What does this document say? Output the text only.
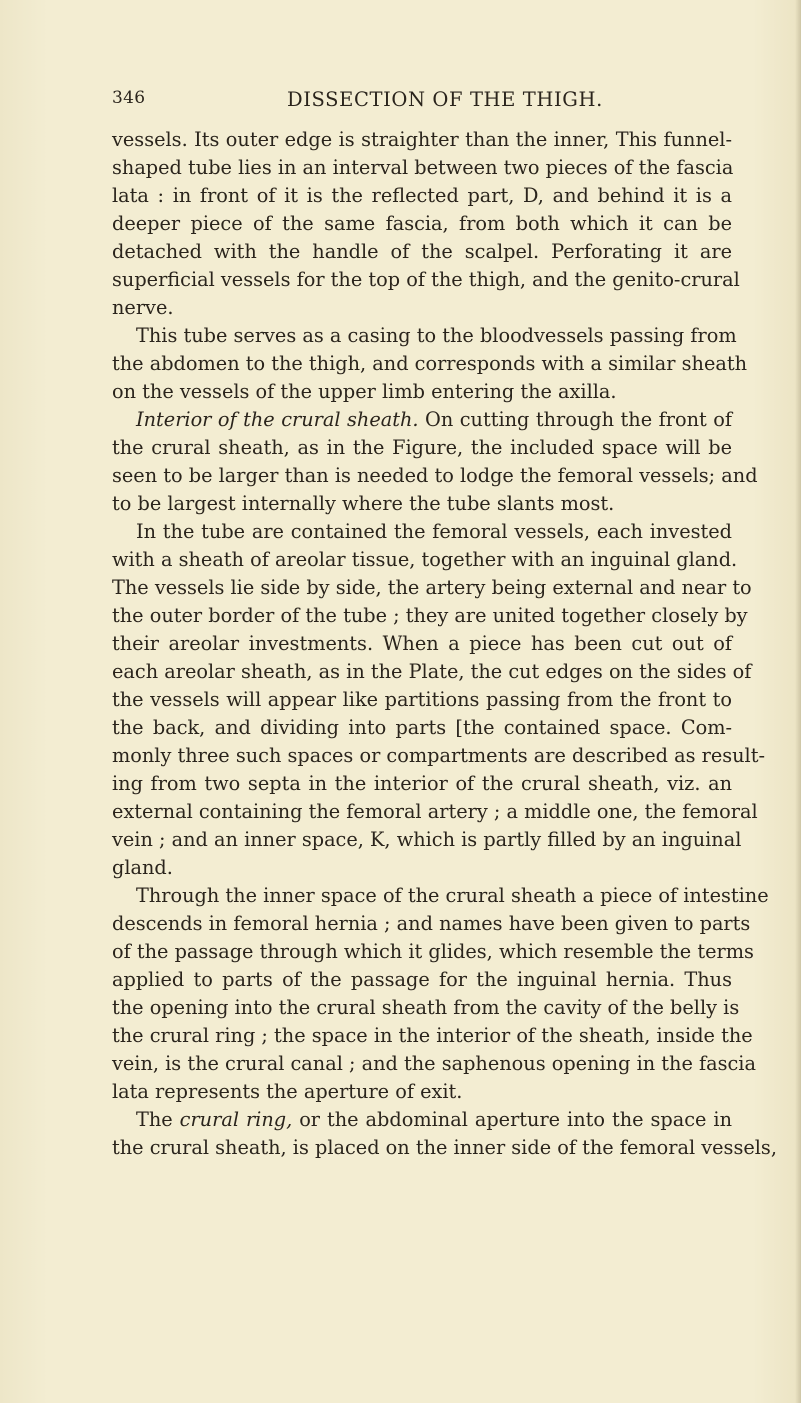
346	DISSECTION OF THE THIGH.
vessels. Its outer edge is straighter than the inner, This funnel-
shaped tube lies in an interval between two pieces of the fascia
lata : in front of it is the reflected part, D, and behind it is a
deeper piece of the same fascia, from both which it can be
detached with the handle of the scalpel. Perforating it are
superficial vessels for the top of the thigh, and the genito-crural
nerve.
This tube serves as a casing to the bloodvessels passing from
the abdomen to the thigh, and corresponds with a similar sheath
on the vessels of the upper limb entering the axilla.
Interior of the crural sheath. On cutting through the front of
the crural sheath, as in the Figure, the included space will be
seen to be larger than is needed to lodge the femoral vessels; and
to be largest internally where the tube slants most.
In the tube are contained the femoral vessels, each invested
with a sheath of areolar tissue, together with an inguinal gland.
The vessels lie side by side, the artery being external and near to
the outer border of the tube ; they are united together closely by
their areolar investments. When a piece has been cut out of
each areolar sheath, as in the Plate, the cut edges on the sides of
the vessels will appear like partitions passing from the front to
the back, and dividing into parts [the contained space. Com-
monly three such spaces or compartments are described as result-
ing from two septa in the interior of the crural sheath, viz. an
external containing the femoral artery ; a middle one, the femoral
vein ; and an inner space, K, which is partly filled by an inguinal
gland.
Through the inner space of the crural sheath a piece of intestine
descends in femoral hernia ; and names have been given to parts
of the passage through which it glides, which resemble the terms
applied to parts of the passage for the inguinal hernia. Thus
the opening into the crural sheath from the cavity of the belly is
the crural ring ; the space in the interior of the sheath, inside the
vein, is the crural canal ; and the saphenous opening in the fascia
lata represents the aperture of exit.
The crural ring, or the abdominal aperture into the space in
the crural sheath, is placed on the inner side of the femoral vessels,
